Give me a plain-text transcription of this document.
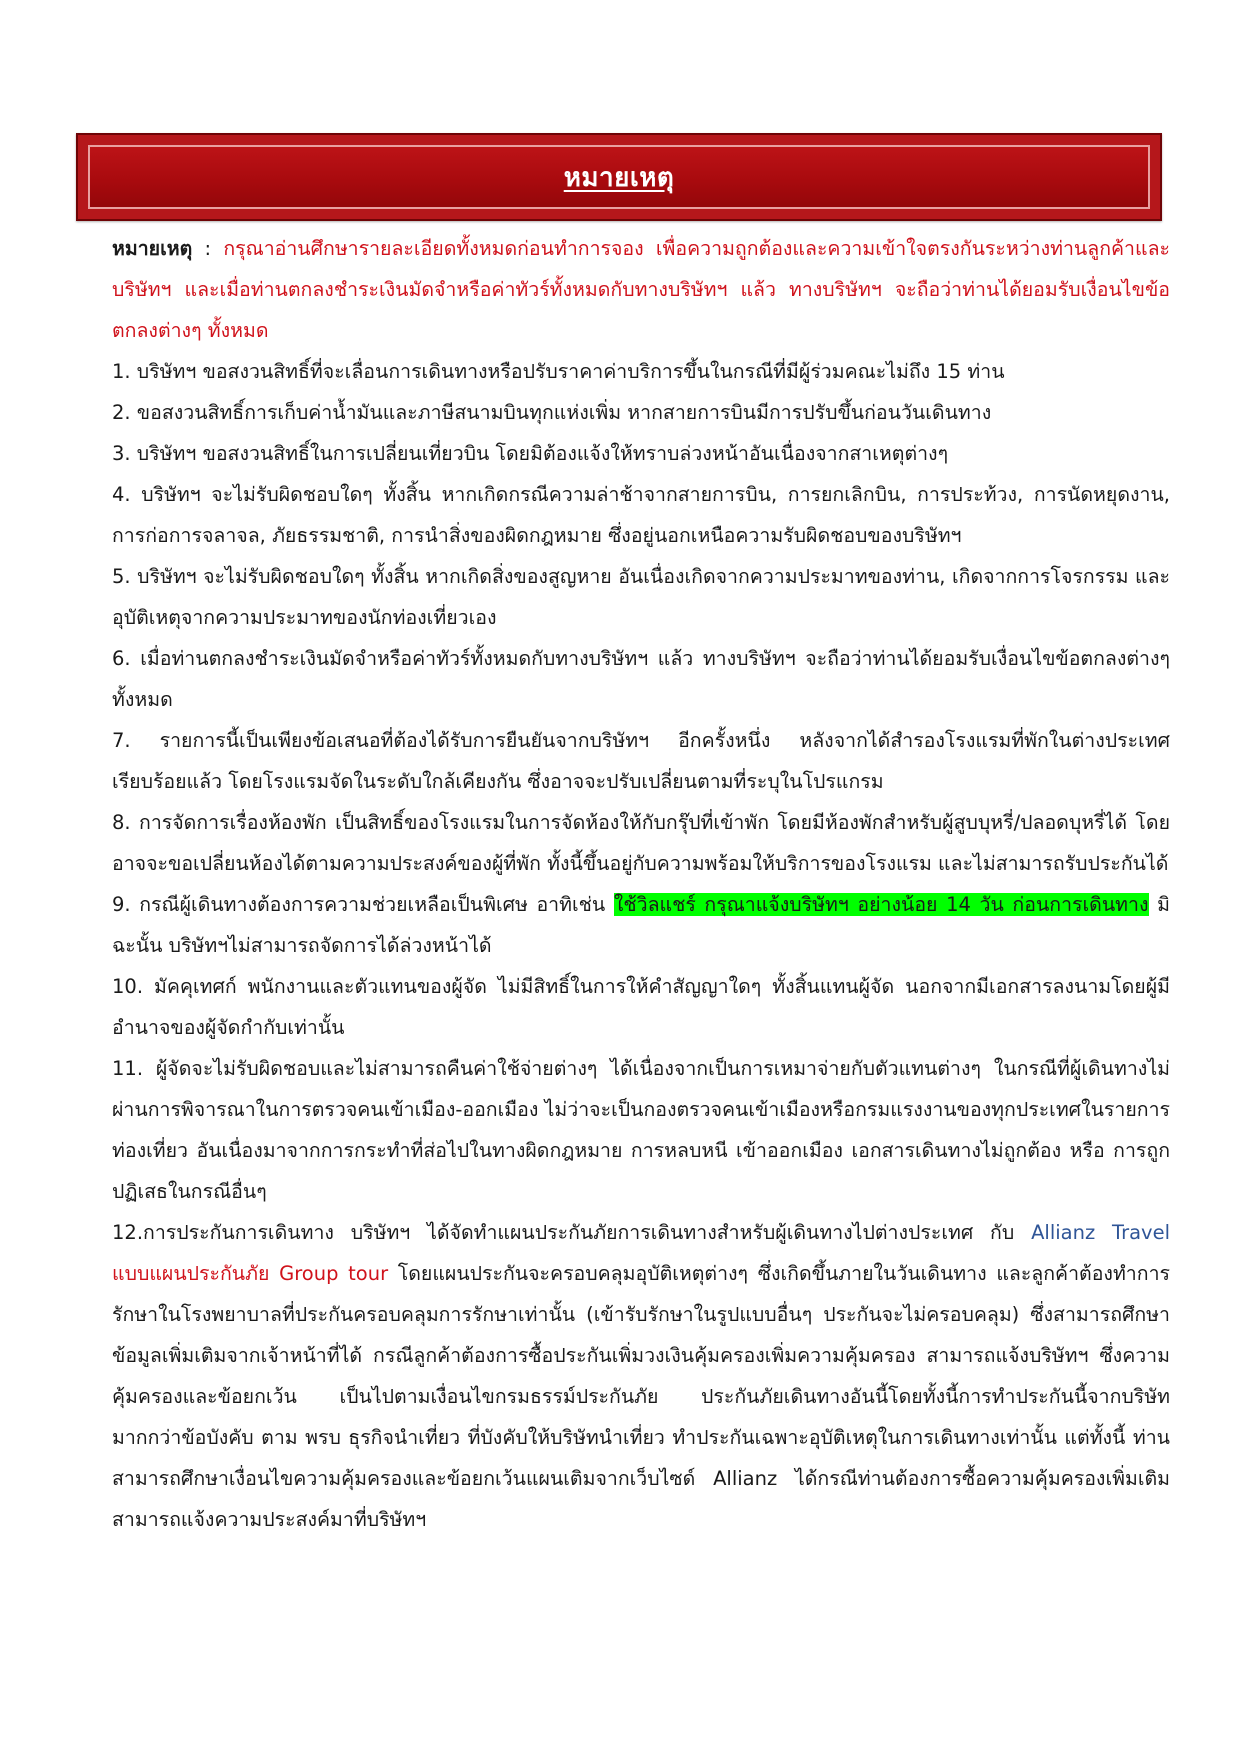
หมายเหตุ

หมายเหตุ : กรุณาอ่านศึกษารายละเอียดทั้งหมดก่อนทำการจอง เพื่อความถูกต้องและความเข้าใจตรงกันระหว่างท่านลูกค้าและบริษัทฯ และเมื่อท่านตกลงชำระเงินมัดจำหรือค่าทัวร์ทั้งหมดกับทางบริษัทฯ แล้ว ทางบริษัทฯ จะถือว่าท่านได้ยอมรับเงื่อนไขข้อตกลงต่างๆ ทั้งหมด

1. บริษัทฯ ขอสงวนสิทธิ์ที่จะเลื่อนการเดินทางหรือปรับราคาค่าบริการขึ้นในกรณีที่มีผู้ร่วมคณะไม่ถึง 15 ท่าน

2. ขอสงวนสิทธิ์การเก็บค่าน้ำมันและภาษีสนามบินทุกแห่งเพิ่ม หากสายการบินมีการปรับขึ้นก่อนวันเดินทาง

3. บริษัทฯ ขอสงวนสิทธิ์ในการเปลี่ยนเที่ยวบิน โดยมิต้องแจ้งให้ทราบล่วงหน้าอันเนื่องจากสาเหตุต่างๆ

4. บริษัทฯ จะไม่รับผิดชอบใดๆ ทั้งสิ้น หากเกิดกรณีความล่าช้าจากสายการบิน, การยกเลิกบิน, การประท้วง, การนัดหยุดงาน, การก่อการจลาจล, ภัยธรรมชาติ, การนำสิ่งของผิดกฎหมาย ซึ่งอยู่นอกเหนือความรับผิดชอบของบริษัทฯ

5. บริษัทฯ จะไม่รับผิดชอบใดๆ ทั้งสิ้น หากเกิดสิ่งของสูญหาย อันเนื่องเกิดจากความประมาทของท่าน, เกิดจากการโจรกรรม และ อุบัติเหตุจากความประมาทของนักท่องเที่ยวเอง

6. เมื่อท่านตกลงชำระเงินมัดจำหรือค่าทัวร์ทั้งหมดกับทางบริษัทฯ แล้ว ทางบริษัทฯ จะถือว่าท่านได้ยอมรับเงื่อนไขข้อตกลงต่างๆ ทั้งหมด

7. รายการนี้เป็นเพียงข้อเสนอที่ต้องได้รับการยืนยันจากบริษัทฯ อีกครั้งหนึ่ง หลังจากได้สำรองโรงแรมที่พักในต่างประเทศเรียบร้อยแล้ว โดยโรงแรมจัดในระดับใกล้เคียงกัน ซึ่งอาจจะปรับเปลี่ยนตามที่ระบุในโปรแกรม

8. การจัดการเรื่องห้องพัก เป็นสิทธิ์ของโรงแรมในการจัดห้องให้กับกรุ๊ปที่เข้าพัก โดยมีห้องพักสำหรับผู้สูบบุหรี่/ปลอดบุหรี่ได้ โดยอาจจะขอเปลี่ยนห้องได้ตามความประสงค์ของผู้ที่พัก ทั้งนี้ขึ้นอยู่กับความพร้อมให้บริการของโรงแรม และไม่สามารถรับประกันได้

9. กรณีผู้เดินทางต้องการความช่วยเหลือเป็นพิเศษ อาทิเช่น ใช้วิลแชร์ กรุณาแจ้งบริษัทฯ อย่างน้อย 14 วัน ก่อนการเดินทาง มิฉะนั้น บริษัทฯไม่สามารถจัดการได้ล่วงหน้าได้

10. มัคคุเทศก์ พนักงานและตัวแทนของผู้จัด ไม่มีสิทธิ์ในการให้คำสัญญาใดๆ ทั้งสิ้นแทนผู้จัด นอกจากมีเอกสารลงนามโดยผู้มีอำนาจของผู้จัดกำกับเท่านั้น

11. ผู้จัดจะไม่รับผิดชอบและไม่สามารถคืนค่าใช้จ่ายต่างๆ ได้เนื่องจากเป็นการเหมาจ่ายกับตัวแทนต่างๆ ในกรณีที่ผู้เดินทางไม่ผ่านการพิจารณาในการตรวจคนเข้าเมือง-ออกเมือง ไม่ว่าจะเป็นกองตรวจคนเข้าเมืองหรือกรมแรงงานของทุกประเทศในรายการท่องเที่ยว อันเนื่องมาจากการกระทำที่ส่อไปในทางผิดกฎหมาย การหลบหนี เข้าออกเมือง เอกสารเดินทางไม่ถูกต้อง หรือ การถูกปฏิเสธในกรณีอื่นๆ

12.การประกันการเดินทาง บริษัทฯ ได้จัดทำแผนประกันภัยการเดินทางสำหรับผู้เดินทางไปต่างประเทศ กับ Allianz Travel แบบแผนประกันภัย Group tour โดยแผนประกันจะครอบคลุมอุบัติเหตุต่างๆ ซึ่งเกิดขึ้นภายในวันเดินทาง และลูกค้าต้องทำการรักษาในโรงพยาบาลที่ประกันครอบคลุมการรักษาเท่านั้น (เข้ารับรักษาในรูปแบบอื่นๆ ประกันจะไม่ครอบคลุม) ซึ่งสามารถศึกษาข้อมูลเพิ่มเติมจากเจ้าหน้าที่ได้ กรณีลูกค้าต้องการซื้อประกันเพิ่มวงเงินคุ้มครองเพิ่มความคุ้มครอง สามารถแจ้งบริษัทฯ ซึ่งความคุ้มครองและข้อยกเว้น เป็นไปตามเงื่อนไขกรมธรรม์ประกันภัย ประกันภัยเดินทางอันนี้โดยทั้งนี้การทำประกันนี้จากบริษัท มากกว่าข้อบังคับ ตาม พรบ ธุรกิจนำเที่ยว ที่บังคับให้บริษัทนำเที่ยว ทำประกันเฉพาะอุบัติเหตุในการเดินทางเท่านั้น แต่ทั้งนี้ ท่านสามารถศึกษาเงื่อนไขความคุ้มครองและข้อยกเว้นแผนเติมจากเว็บไซด์ Allianz ได้กรณีท่านต้องการซื้อความคุ้มครองเพิ่มเติมสามารถแจ้งความประสงค์มาที่บริษัทฯ
